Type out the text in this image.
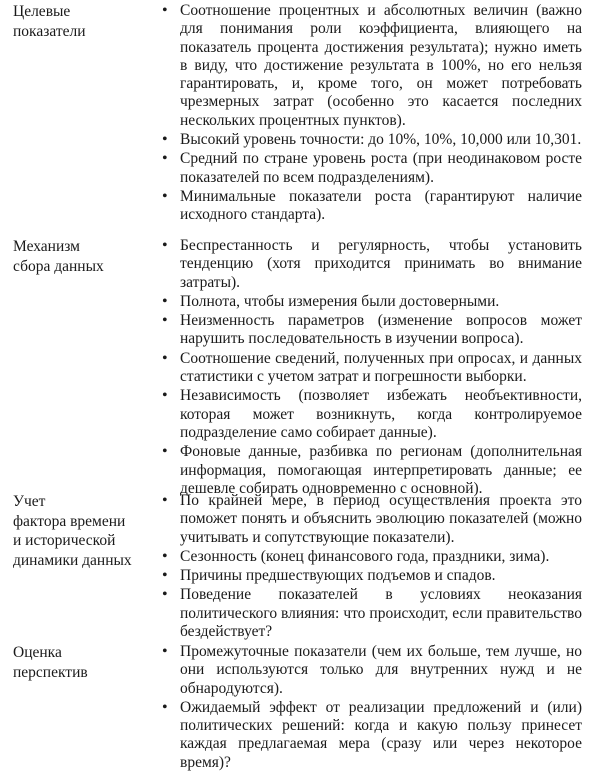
Целевые
показатели
• Соотношение процентных и абсолютных величин (важно для понимания роли коэффициента, влияющего на показатель процента достижения результата); нужно иметь в виду, что достижение результата в 100%, но его нельзя гарантировать, и, кроме того, он может потребовать чрезмерных затрат (особенно это касается последних нескольких процентных пунктов).
• Высокий уровень точности: до 10%, 10%, 10,000 или 10,301.
• Средний по стране уровень роста (при неодинаковом росте показателей по всем подразделениям).
• Минимальные показатели роста (гарантируют наличие исходного стандарта).
Механизм
сбора данных
• Беспрестанность и регулярность, чтобы установить тенденцию (хотя приходится принимать во внимание затраты).
• Полнота, чтобы измерения были достоверными.
• Неизменность параметров (изменение вопросов может нарушить последовательность в изучении вопроса).
• Соотношение сведений, полученных при опросах, и данных статистики с учетом затрат и погрешности выборки.
• Независимость (позволяет избежать необъективности, которая может возникнуть, когда контролируемое подразделение само собирает данные).
• Фоновые данные, разбивка по регионам (дополнительная информация, помогающая интерпретировать данные; ее дешевле собирать одновременно с основной).
Учет
фактора времени
и исторической
динамики данных
• По крайней мере, в период осуществления проекта это поможет понять и объяснить эволюцию показателей (можно учитывать и сопутствующие показатели).
• Сезонность (конец финансового года, праздники, зима).
• Причины предшествующих подъемов и спадов.
• Поведение показателей в условиях неоказания политического влияния: что происходит, если правительство бездействует?
Оценка
перспектив
• Промежуточные показатели (чем их больше, тем лучше, но они используются только для внутренних нужд и не обнародуются).
• Ожидаемый эффект от реализации предложений и (или) политических решений: когда и какую пользу принесет каждая предлагаемая мера (сразу или через некоторое время)?
